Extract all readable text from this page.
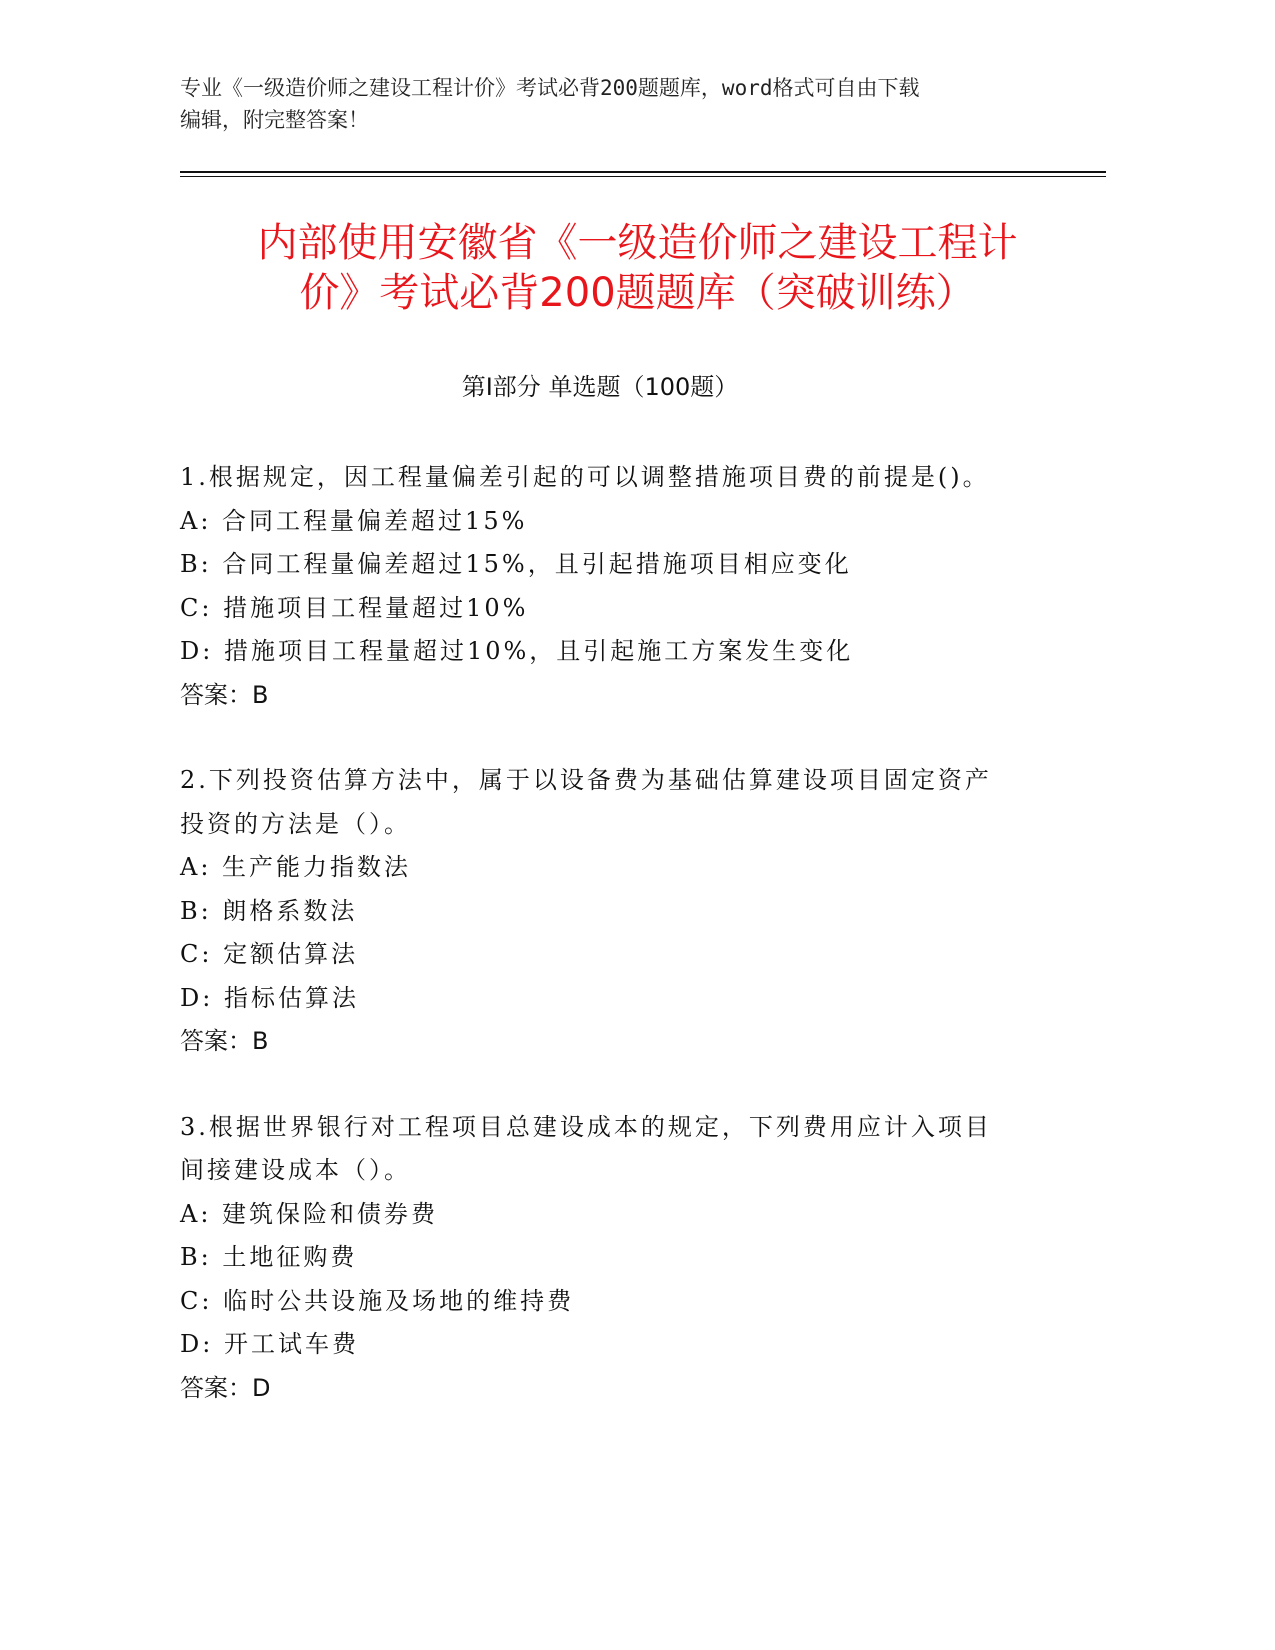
专业《一级造价师之建设工程计价》考试必背200题题库，word格式可自由下载
编辑，附完整答案！
内部使用安徽省《一级造价师之建设工程计
价》考试必背200题题库（突破训练）
第Ⅰ部分 单选题（100题）
1.根据规定，因工程量偏差引起的可以调整措施项目费的前提是()。
A: 合同工程量偏差超过15%
B: 合同工程量偏差超过15%，且引起措施项目相应变化
C: 措施项目工程量超过10%
D: 措施项目工程量超过10%，且引起施工方案发生变化
答案：B
2.下列投资估算方法中，属于以设备费为基础估算建设项目固定资产
投资的方法是（）。
A: 生产能力指数法
B: 朗格系数法
C: 定额估算法
D: 指标估算法
答案：B
3.根据世界银行对工程项目总建设成本的规定，下列费用应计入项目
间接建设成本（）。
A: 建筑保险和债券费
B: 土地征购费
C: 临时公共设施及场地的维持费
D: 开工试车费
答案：D
